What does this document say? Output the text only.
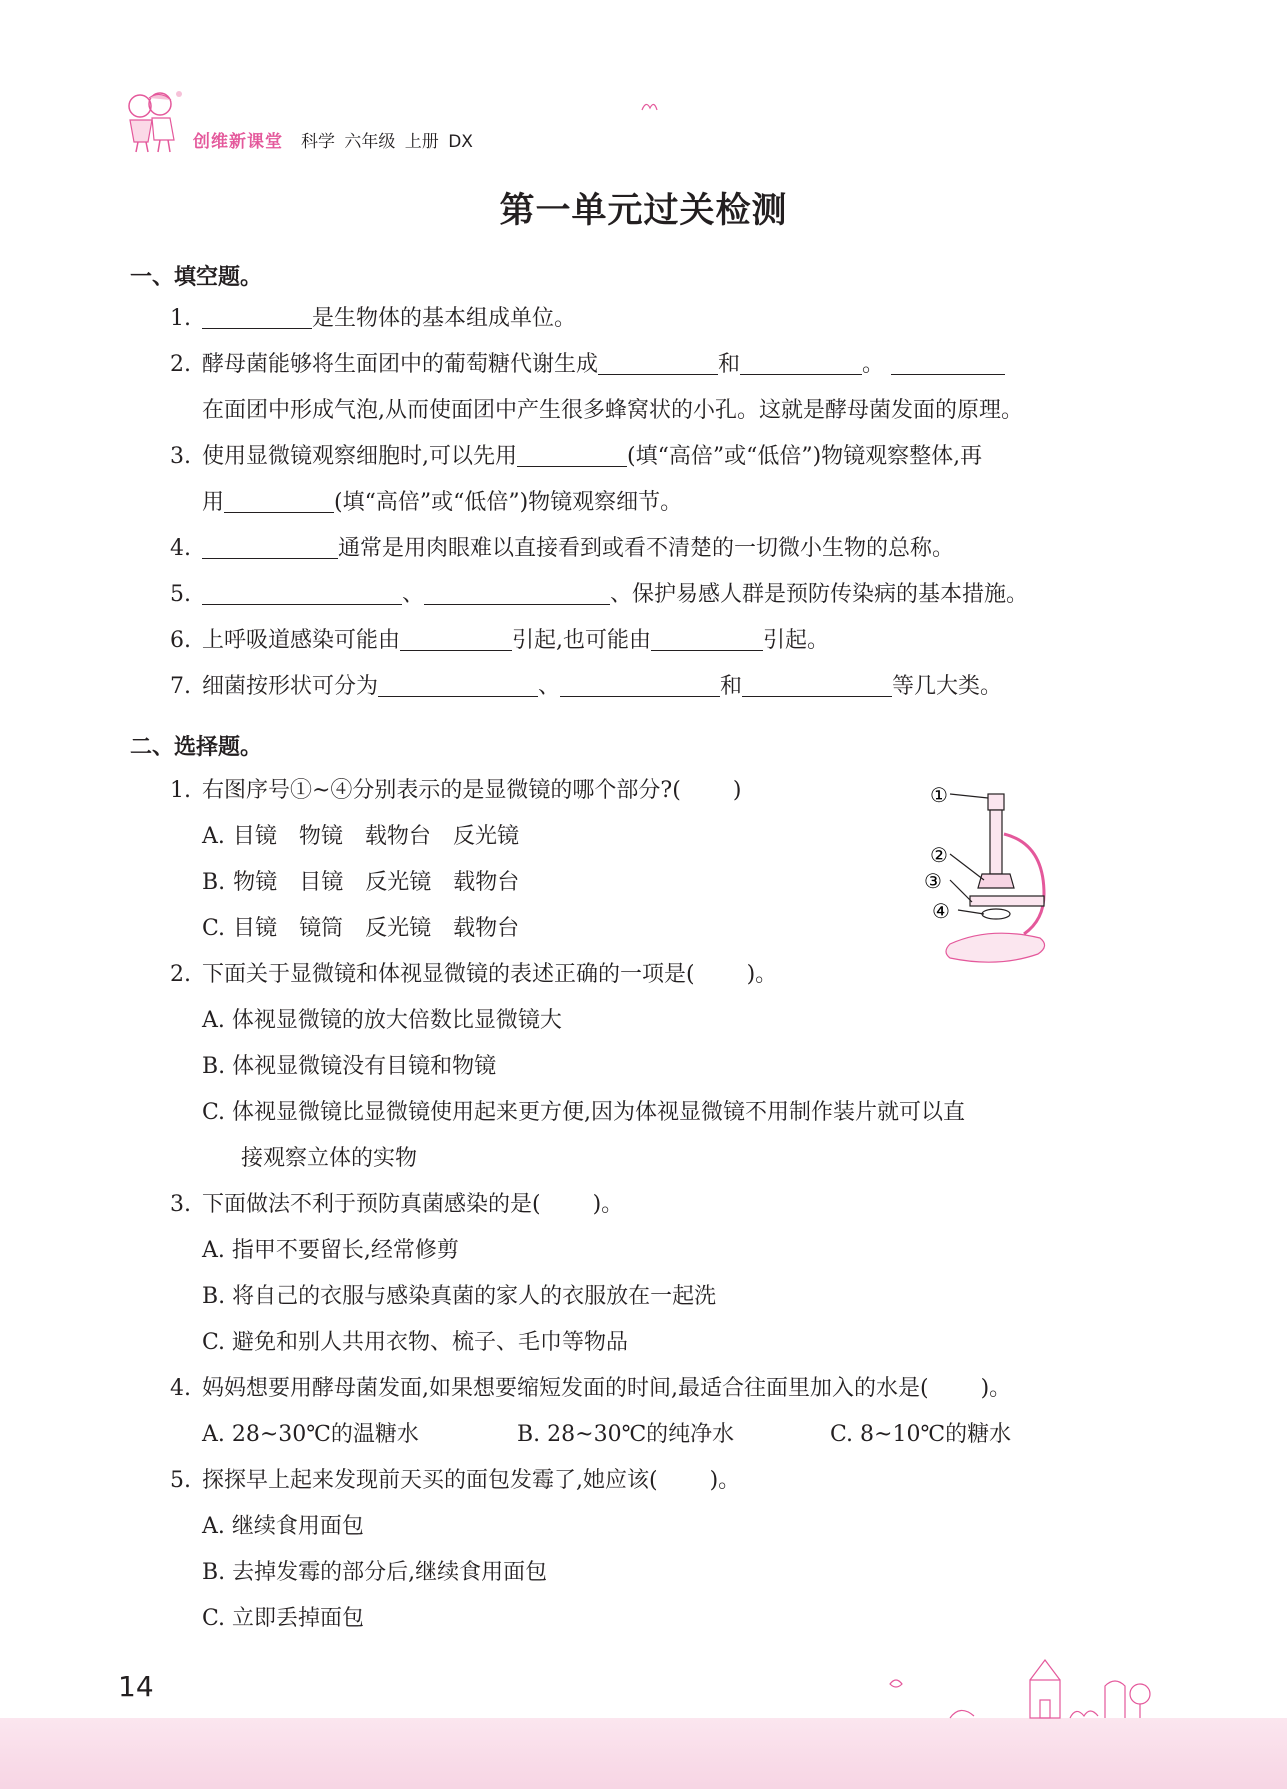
创维新课堂 科学 六年级 上册 DX
第一单元过关检测
一、填空题。
1.	是生物体的基本组成单位。
2. 酵母菌能够将生面团中的葡萄糖代谢生成	和	。
在面团中形成气泡,从而使面团中产生很多蜂窝状的小孔。这就是酵母菌发面的原理。
3. 使用显微镜观察细胞时,可以先用	(填“高倍”或“低倍”)物镜观察整体,再
用	(填“高倍”或“低倍”)物镜观察细节。
4.	通常是用肉眼难以直接看到或看不清楚的一切微小生物的总称。
5.	、	、保护易感人群是预防传染病的基本措施。
6. 上呼吸道感染可能由	引起,也可能由	引起。
7. 细菌按形状可分为	、	和	等几大类。
二、选择题。
1. 右图序号①~④分别表示的是显微镜的哪个部分?( )
A. 目镜 物镜 载物台 反光镜
B. 物镜 目镜 反光镜 载物台
C. 目镜 镜筒 反光镜 载物台
①
②
③
④
2. 下面关于显微镜和体视显微镜的表述正确的一项是( )。
A. 体视显微镜的放大倍数比显微镜大
B. 体视显微镜没有目镜和物镜
C. 体视显微镜比显微镜使用起来更方便,因为体视显微镜不用制作装片就可以直
接观察立体的实物
3. 下面做法不利于预防真菌感染的是( )。
A. 指甲不要留长,经常修剪
B. 将自己的衣服与感染真菌的家人的衣服放在一起洗
C. 避免和别人共用衣物、梳子、毛巾等物品
4. 妈妈想要用酵母菌发面,如果想要缩短发面的时间,最适合往面里加入的水是( )。
A. 28~30℃的温糖水	B. 28~30℃的纯净水	C. 8~10℃的糖水
5. 探探早上起来发现前天买的面包发霉了,她应该( )。
A. 继续食用面包
B. 去掉发霉的部分后,继续食用面包
C. 立即丢掉面包
14
